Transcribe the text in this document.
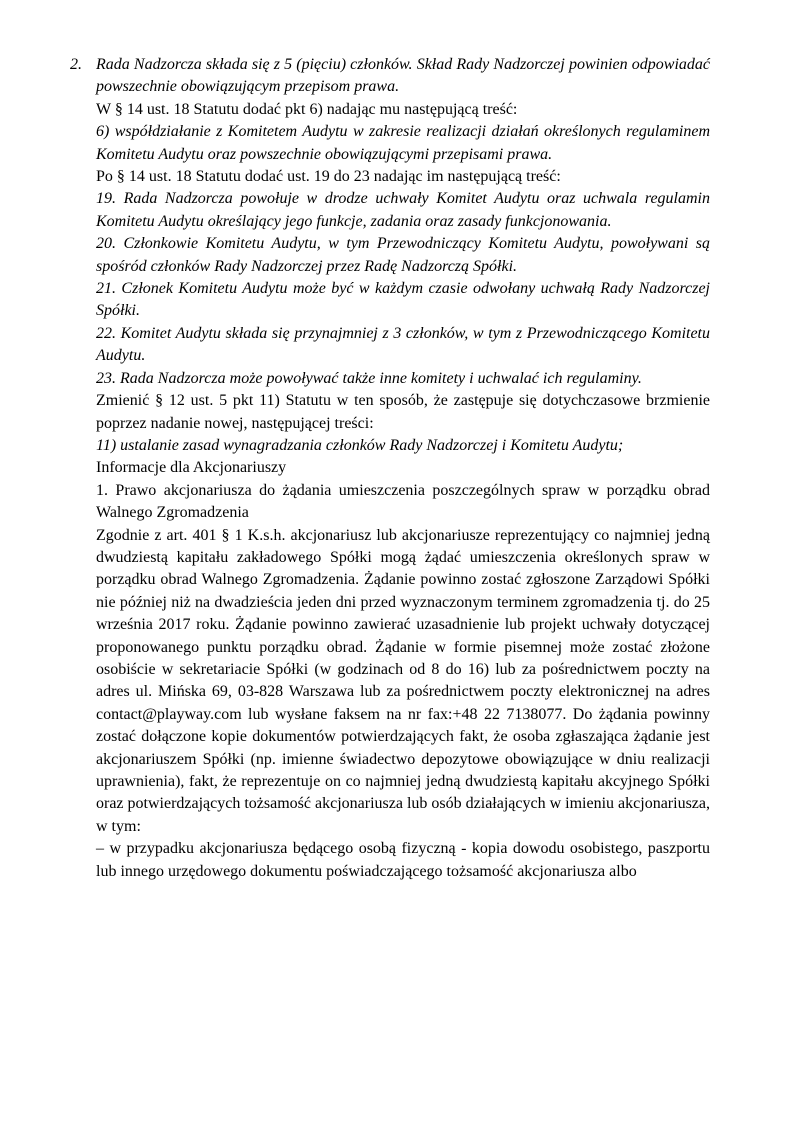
2. Rada Nadzorcza składa się z 5 (pięciu) członków. Skład Rady Nadzorczej powinien odpowiadać powszechnie obowiązującym przepisom prawa.

W § 14 ust. 18 Statutu dodać pkt 6) nadając mu następującą treść:

6) współdziałanie z Komitetem Audytu w zakresie realizacji działań określonych regulaminem Komitetu Audytu oraz powszechnie obowiązującymi przepisami prawa.

Po § 14 ust. 18 Statutu dodać ust. 19 do 23 nadając im następującą treść:

19. Rada Nadzorcza powołuje w drodze uchwały Komitet Audytu oraz uchwala regulamin Komitetu Audytu określający jego funkcje, zadania oraz zasady funkcjonowania.

20. Członkowie Komitetu Audytu, w tym Przewodniczący Komitetu Audytu, powoływani są spośród członków Rady Nadzorczej przez Radę Nadzorczą Spółki.

21. Członek Komitetu Audytu może być w każdym czasie odwołany uchwałą Rady Nadzorczej Spółki.

22. Komitet Audytu składa się przynajmniej z 3 członków, w tym z Przewodniczącego Komitetu Audytu.

23. Rada Nadzorcza może powoływać także inne komitety i uchwalać ich regulaminy.

Zmienić § 12 ust. 5 pkt 11) Statutu w ten sposób, że zastępuje się dotychczasowe brzmienie poprzez nadanie nowej, następującej treści:

11) ustalanie zasad wynagradzania członków Rady Nadzorczej i Komitetu Audytu;

Informacje dla Akcjonariuszy
1. Prawo akcjonariusza do żądania umieszczenia poszczególnych spraw w porządku obrad Walnego Zgromadzenia

Zgodnie z art. 401 § 1 K.s.h. akcjonariusz lub akcjonariusze reprezentujący co najmniej jedną dwudziestą kapitału zakładowego Spółki mogą żądać umieszczenia określonych spraw w porządku obrad Walnego Zgromadzenia. Żądanie powinno zostać zgłoszone Zarządowi Spółki nie później niż na dwadzieścia jeden dni przed wyznaczonym terminem zgromadzenia tj. do 25 września 2017 roku. Żądanie powinno zawierać uzasadnienie lub projekt uchwały dotyczącej proponowanego punktu porządku obrad. Żądanie w formie pisemnej może zostać złożone osobiście w sekretariacie Spółki (w godzinach od 8 do 16) lub za pośrednictwem poczty na adres ul. Mińska 69, 03-828 Warszawa lub za pośrednictwem poczty elektronicznej na adres contact@playway.com lub wysłane faksem na nr fax:+48 22 7138077. Do żądania powinny zostać dołączone kopie dokumentów potwierdzających fakt, że osoba zgłaszająca żądanie jest akcjonariuszem Spółki (np. imienne świadectwo depozytowe obowiązujące w dniu realizacji uprawnienia), fakt, że reprezentuje on co najmniej jedną dwudziestą kapitału akcyjnego Spółki oraz potwierdzających tożsamość akcjonariusza lub osób działających w imieniu akcjonariusza, w tym:

– w przypadku akcjonariusza będącego osobą fizyczną - kopia dowodu osobistego, paszportu lub innego urzędowego dokumentu poświadczającego tożsamość akcjonariusza albo
